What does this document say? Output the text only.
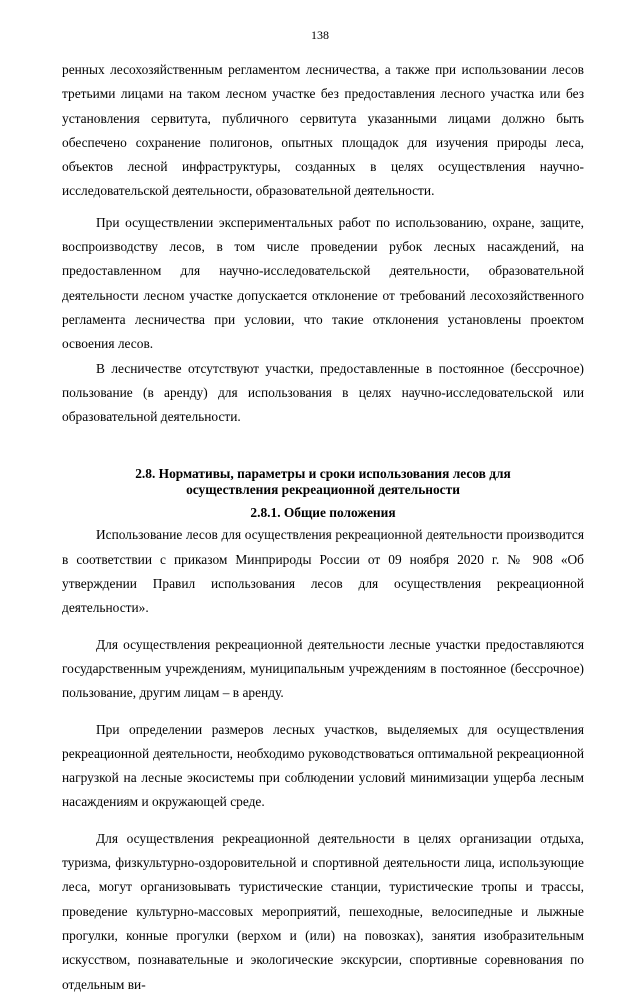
138

ренных лесохозяйственным регламентом лесничества, а также при использовании лесов третьими лицами на таком лесном участке без предоставления лесного участка или без установления сервитута, публичного сервитута указанными лицами должно быть обеспечено сохранение полигонов, опытных площадок для изучения природы леса, объектов лесной инфраструктуры, созданных в целях осуществления научно-исследовательской деятельности, образовательной деятельности.

При осуществлении экспериментальных работ по использованию, охране, защите, воспроизводству лесов, в том числе проведении рубок лесных насаждений, на предоставленном для научно-исследовательской деятельности, образовательной деятельности лесном участке допускается отклонение от требований лесохозяйственного регламента лесничества при условии, что такие отклонения установлены проектом освоения лесов.

В лесничестве отсутствуют участки, предоставленные в постоянное (бессрочное) пользование (в аренду) для использования в целях научно-исследовательской или образовательной деятельности.

2.8. Нормативы, параметры и сроки использования лесов для

осуществления рекреационной деятельности

2.8.1. Общие положения

Использование лесов для осуществления рекреационной деятельности производится в соответствии с приказом Минприроды России от 09 ноября 2020 г. № 908 «Об утверждении Правил использования лесов для осуществления рекреационной деятельности».

Для осуществления рекреационной деятельности лесные участки предоставляются государственным учреждениям, муниципальным учреждениям в постоянное (бессрочное) пользование, другим лицам – в аренду.

При определении размеров лесных участков, выделяемых для осуществления рекреационной деятельности, необходимо руководствоваться оптимальной рекреационной нагрузкой на лесные экосистемы при соблюдении условий минимизации ущерба лесным насаждениям и окружающей среде.

Для осуществления рекреационной деятельности в целях организации отдыха, туризма, физкультурно-оздоровительной и спортивной деятельности лица, использующие леса, могут организовывать туристические станции, туристические тропы и трассы, проведение культурно-массовых мероприятий, пешеходные, велосипедные и лыжные прогулки, конные прогулки (верхом и (или) на повозках), занятия изобразительным искусством, познавательные и экологические экскурсии, спортивные соревнования по отдельным ви-
